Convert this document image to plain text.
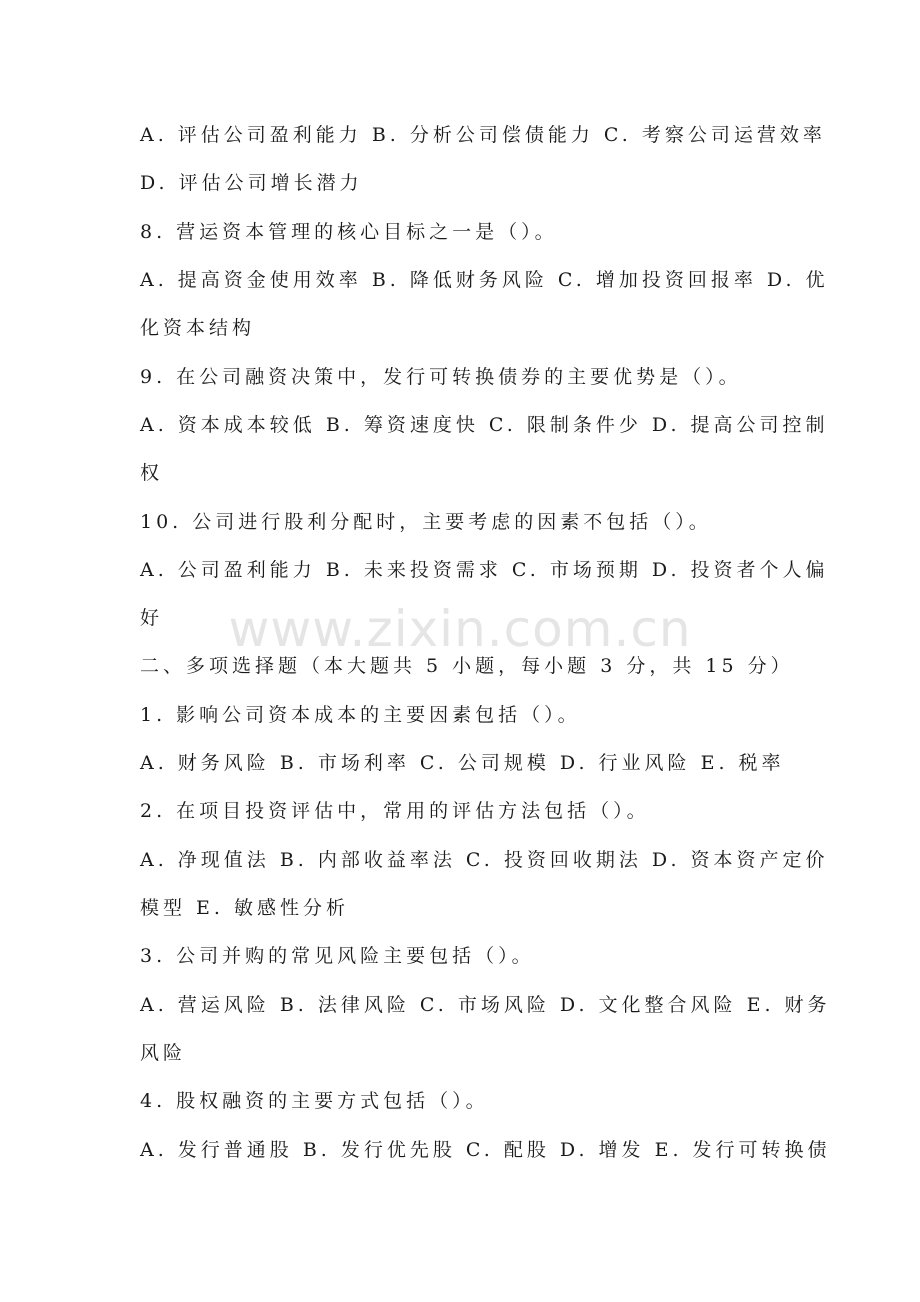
A. 评估公司盈利能力 B. 分析公司偿债能力 C. 考察公司运营效率
D. 评估公司增长潜力
8. 营运资本管理的核心目标之一是（）。
A. 提高资金使用效率 B. 降低财务风险 C. 增加投资回报率 D. 优
化资本结构
9. 在公司融资决策中，发行可转换债券的主要优势是（）。
A. 资本成本较低 B. 筹资速度快 C. 限制条件少 D. 提高公司控制
权
10. 公司进行股利分配时，主要考虑的因素不包括（）。
A. 公司盈利能力 B. 未来投资需求 C. 市场预期 D. 投资者个人偏
好
二、多项选择题（本大题共 5 小题，每小题 3 分，共 15 分）
1. 影响公司资本成本的主要因素包括（）。
A. 财务风险 B. 市场利率 C. 公司规模 D. 行业风险 E. 税率
2. 在项目投资评估中，常用的评估方法包括（）。
A. 净现值法 B. 内部收益率法 C. 投资回收期法 D. 资本资产定价
模型 E. 敏感性分析
3. 公司并购的常见风险主要包括（）。
A. 营运风险 B. 法律风险 C. 市场风险 D. 文化整合风险 E. 财务
风险
4. 股权融资的主要方式包括（）。
A. 发行普通股 B. 发行优先股 C. 配股 D. 增发 E. 发行可转换债
www.zixin.com.cn
